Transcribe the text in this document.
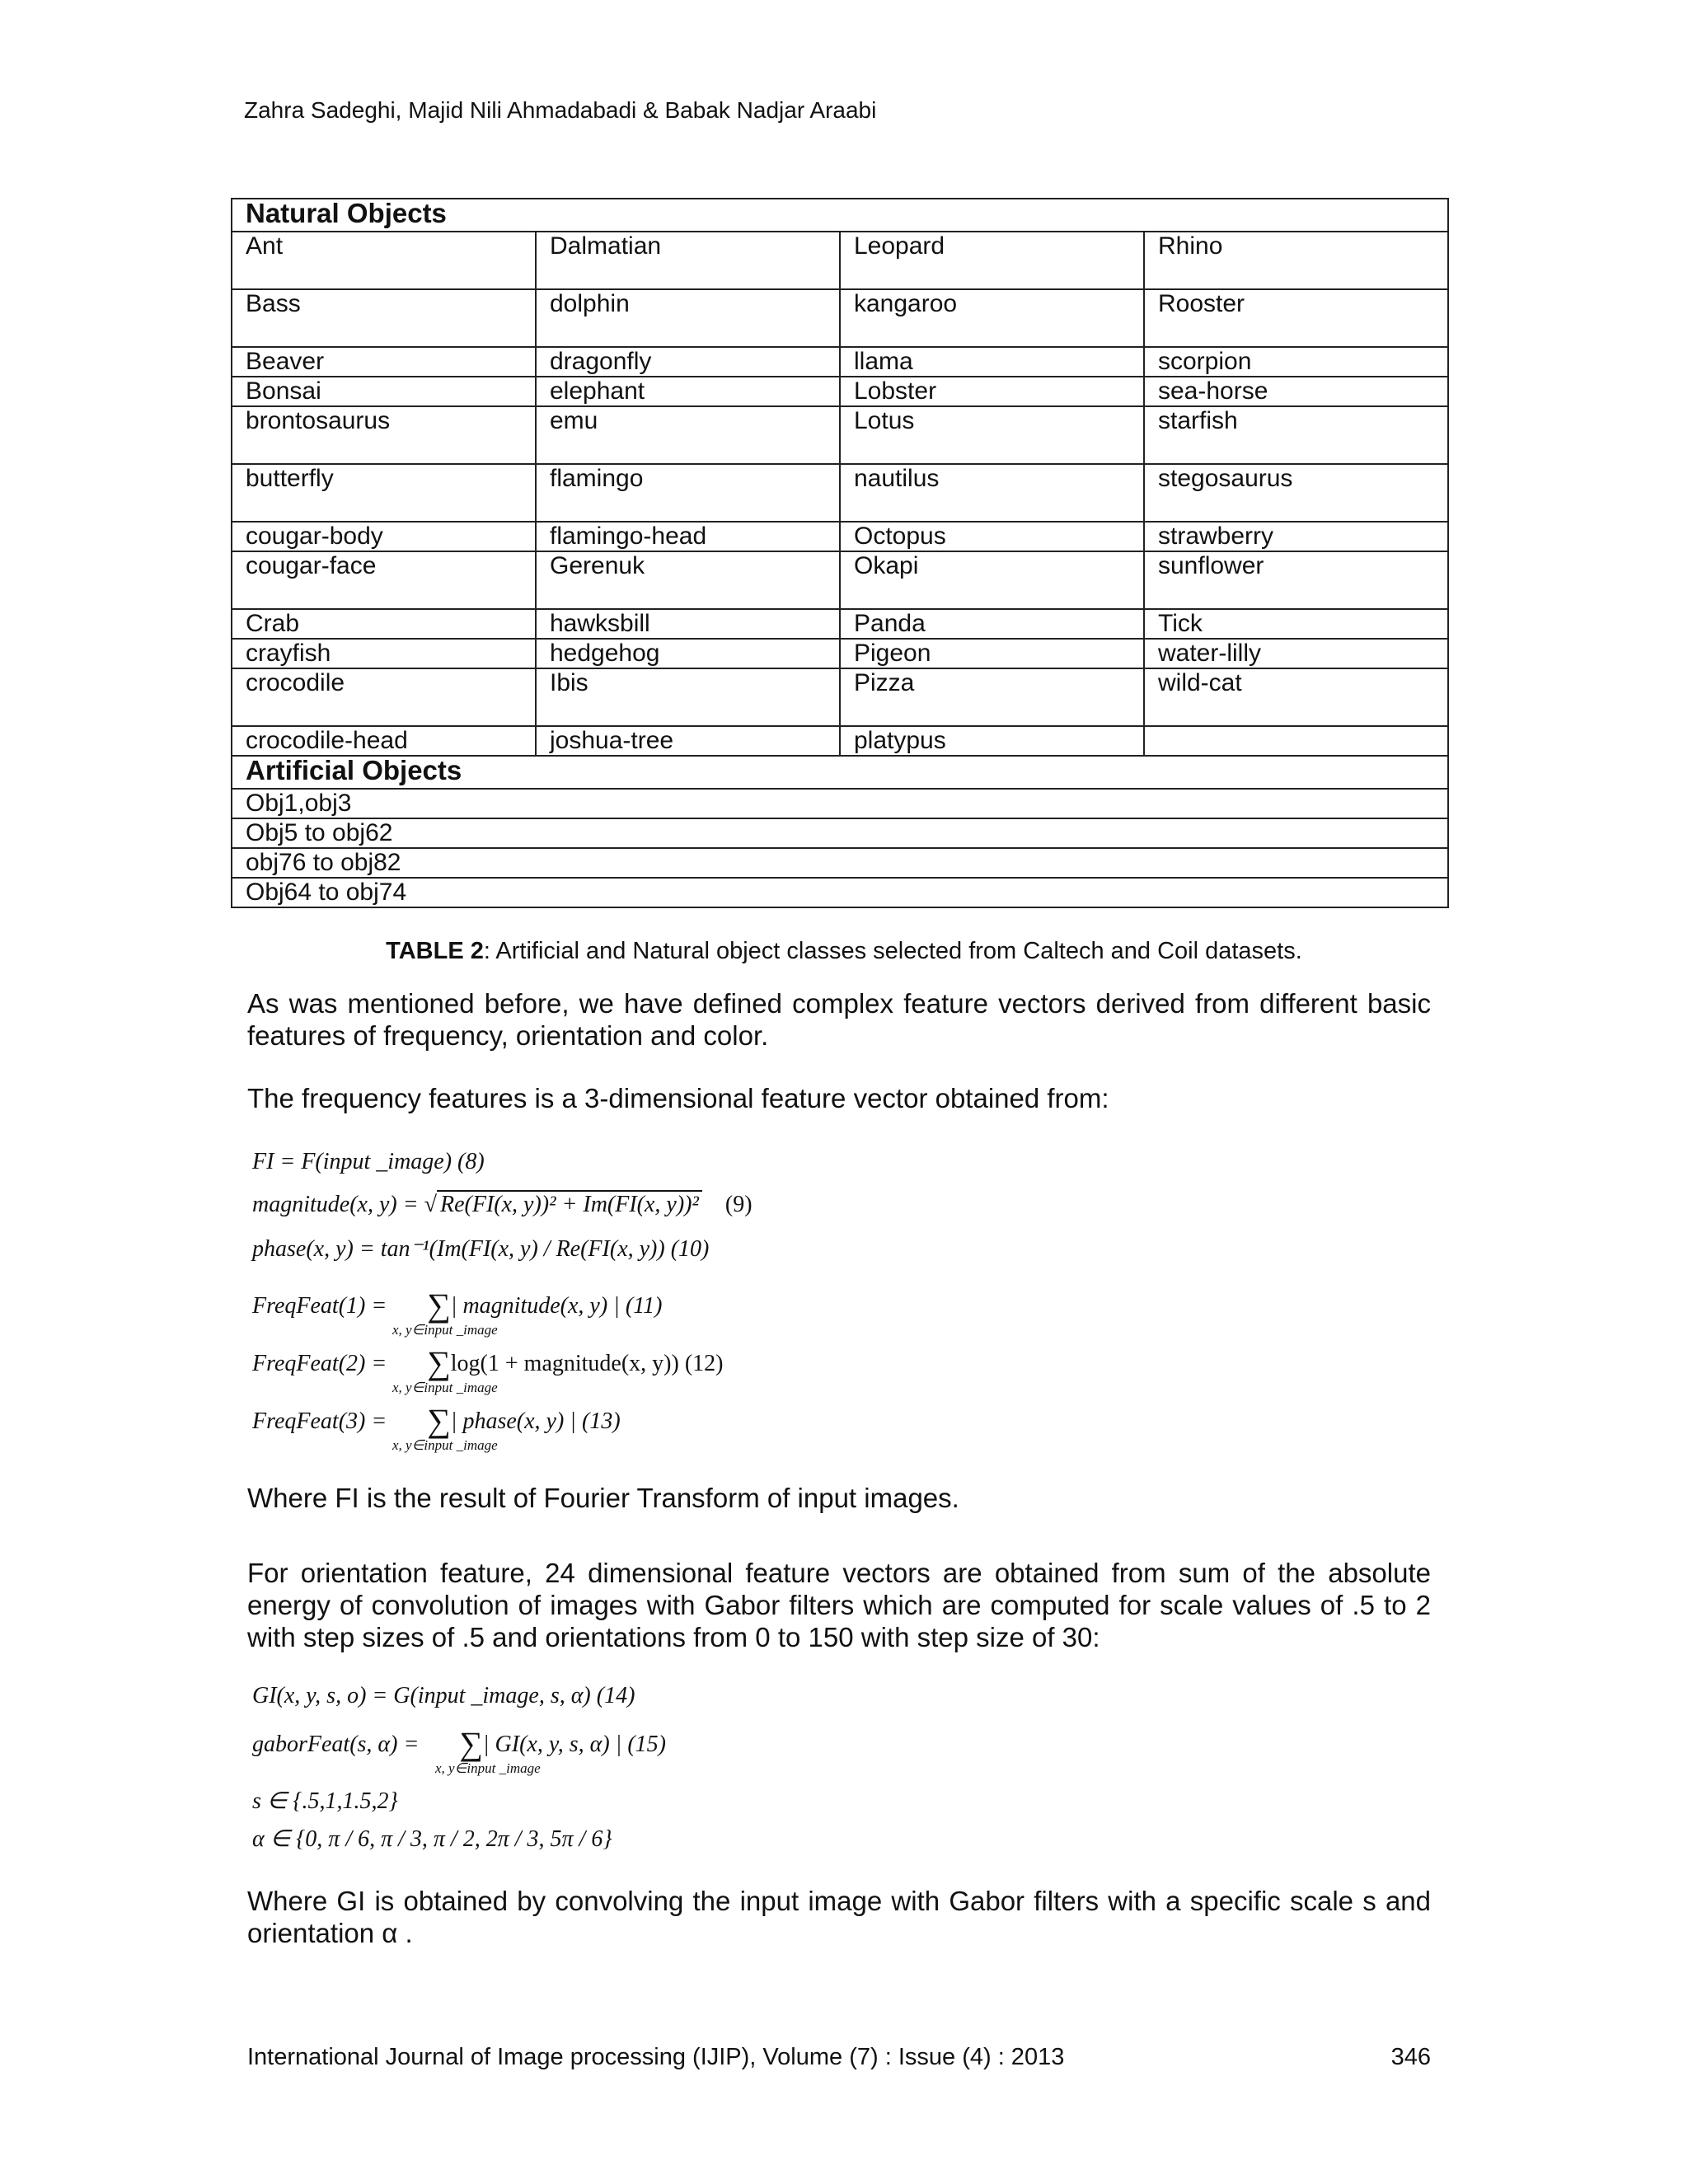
Zahra Sadeghi, Majid Nili Ahmadabadi & Babak Nadjar Araabi
Natural Objects			
Ant	Dalmatian	Leopard	Rhino
Bass	dolphin	kangaroo	Rooster
Beaver	dragonfly	llama	scorpion
Bonsai	elephant	Lobster	sea-horse
brontosaurus	emu	Lotus	starfish
butterfly	flamingo	nautilus	stegosaurus
cougar-body	flamingo-head	Octopus	strawberry
cougar-face	Gerenuk	Okapi	sunflower
Crab	hawksbill	Panda	Tick
crayfish	hedgehog	Pigeon	water-lilly
crocodile	Ibis	Pizza	wild-cat
crocodile-head	joshua-tree	platypus	
Artificial Objects			
Obj1,obj3			
Obj5 to obj62			
obj76 to obj82			
Obj64 to obj74			
TABLE 2: Artificial and Natural object classes selected from Caltech and Coil datasets.
As was mentioned before, we have defined complex feature vectors derived from different basic features of frequency, orientation and color.
The frequency features is a 3-dimensional feature vector obtained from:
FI = F(input _image) (8)
magnitude(x, y) = √ Re(FI(x, y))² + Im(FI(x, y))² (9)
phase(x, y) = tan⁻¹(Im(FI(x, y) / Re(FI(x, y)) (10)
FreqFeat(1) =       ∑| magnitude(x, y) | (11)
x, y∈input _image
FreqFeat(2) =       ∑log(1 + magnitude(x, y)) (12)
x, y∈input _image
FreqFeat(3) =       ∑| phase(x, y) | (13)
x, y∈input _image
Where FI is the result of Fourier Transform of input images.
For orientation feature, 24 dimensional feature vectors are obtained from sum of the absolute energy of convolution of images with Gabor filters which are computed for scale values of .5 to 2 with step sizes of .5 and orientations from 0 to 150 with step size of 30:
GI(x, y, s, o) = G(input _image, s, α) (14)
gaborFeat(s, α) =       ∑| GI(x, y, s, α) | (15)
x, y∈input _image
s ∈ {.5,1,1.5,2}
α ∈ {0, π / 6, π / 3, π / 2, 2π / 3, 5π / 6}
Where GI is obtained by convolving the input image with Gabor filters with a specific scale s and orientation α .
International Journal of Image processing (IJIP), Volume (7) : Issue (4) : 2013	346
